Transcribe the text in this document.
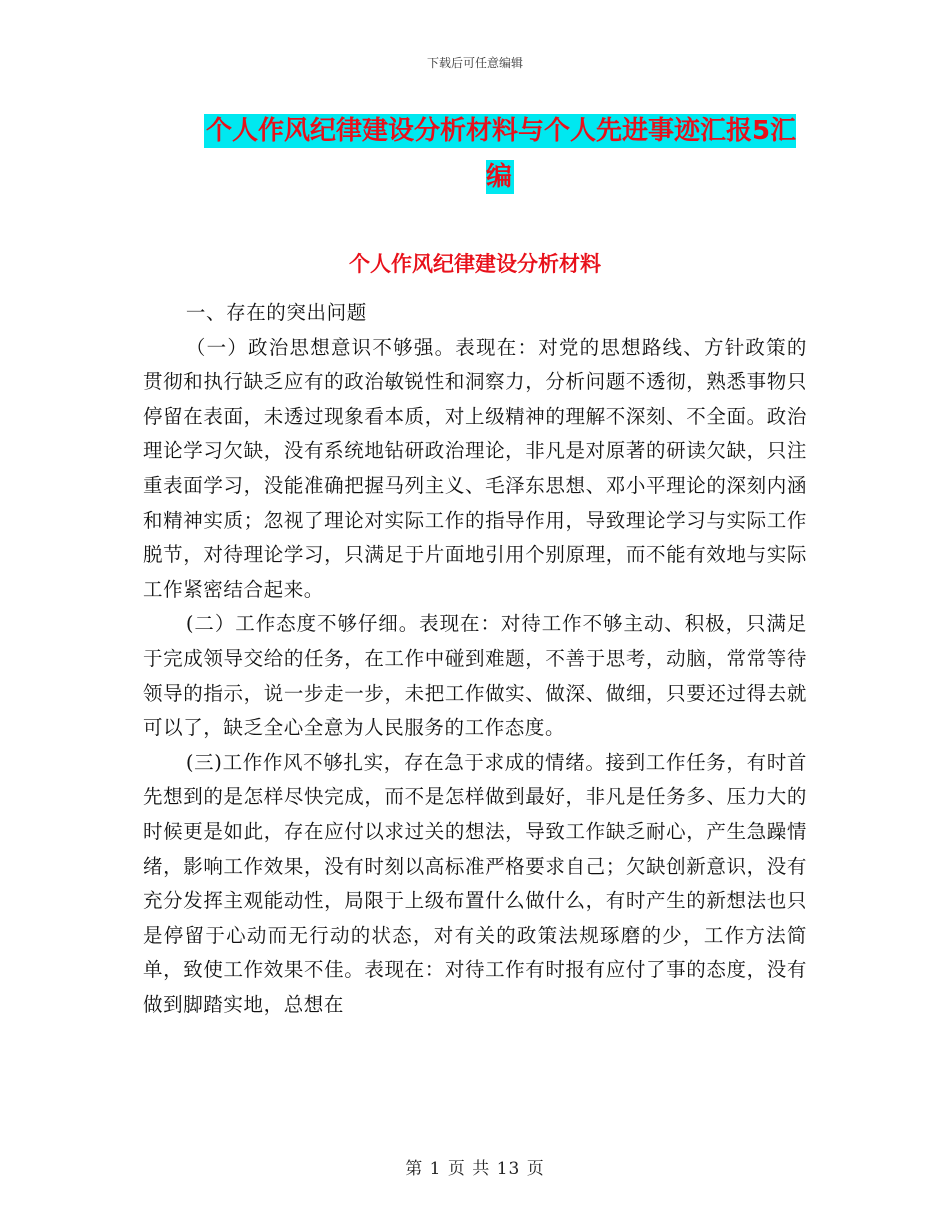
下载后可任意编辑
个人作风纪律建设分析材料与个人先进事迹汇报5汇编
个人作风纪律建设分析材料

一、存在的突出问题

（一）政治思想意识不够强。表现在：对党的思想路线、方针政策的贯彻和执行缺乏应有的政治敏锐性和洞察力，分析问题不透彻，熟悉事物只停留在表面，未透过现象看本质，对上级精神的理解不深刻、不全面。政治理论学习欠缺，没有系统地钻研政治理论，非凡是对原著的研读欠缺，只注重表面学习，没能准确把握马列主义、毛泽东思想、邓小平理论的深刻内涵和精神实质；忽视了理论对实际工作的指导作用，导致理论学习与实际工作脱节，对待理论学习，只满足于片面地引用个别原理，而不能有效地与实际工作紧密结合起来。

(二）工作态度不够仔细。表现在：对待工作不够主动、积极，只满足于完成领导交给的任务，在工作中碰到难题，不善于思考，动脑，常常等待领导的指示，说一步走一步，未把工作做实、做深、做细，只要还过得去就可以了，缺乏全心全意为人民服务的工作态度。

(三)工作作风不够扎实，存在急于求成的情绪。接到工作任务，有时首先想到的是怎样尽快完成，而不是怎样做到最好，非凡是任务多、压力大的时候更是如此，存在应付以求过关的想法，导致工作缺乏耐心，产生急躁情绪，影响工作效果，没有时刻以高标准严格要求自己；欠缺创新意识，没有充分发挥主观能动性，局限于上级布置什么做什么，有时产生的新想法也只是停留于心动而无行动的状态，对有关的政策法规琢磨的少，工作方法简单，致使工作效果不佳。表现在：对待工作有时报有应付了事的态度，没有做到脚踏实地，总想在

第 1 页 共 13 页
